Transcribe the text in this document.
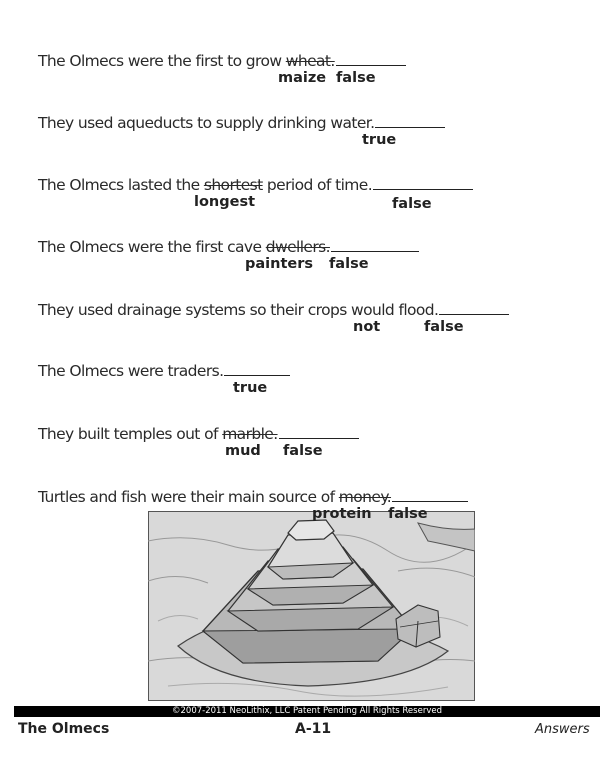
The Olmecs were the first to grow wheat.
maize false
They used aqueducts to supply drinking water.
true
The Olmecs lasted the shortest period of time.
longest	false
The Olmecs were the first cave dwellers.
painters false
They used drainage systems so their crops would flood.
not	false
The Olmecs were traders.
true
They built temples out of marble.
mud false
Turtles and fish were their main source of money.
protein false
©2007-2011 NeoLithix, LLC Patent Pending All Rights Reserved
The Olmecs	A-11	Answers
